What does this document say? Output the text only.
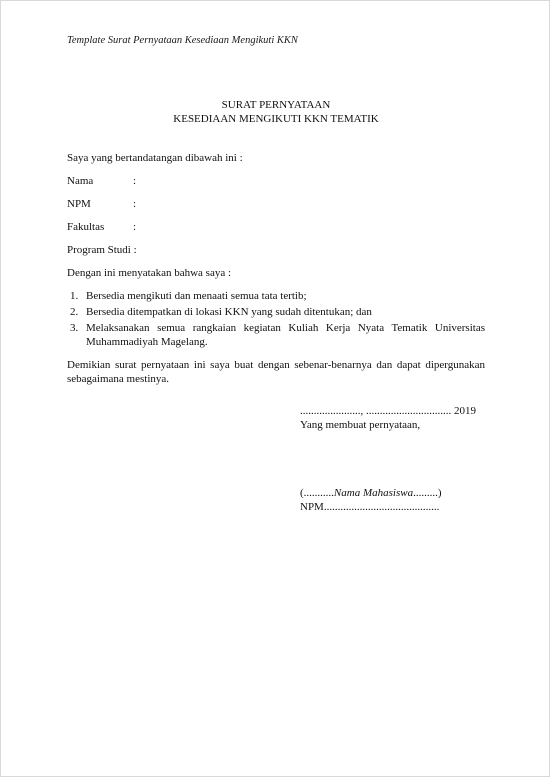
Template Surat Pernyataan Kesediaan Mengikuti KKN
SURAT PERNYATAAN
KESEDIAAN MENGIKUTI KKN TEMATIK

Saya yang bertandatangan dibawah ini :

Nama	:
NPM	:
Fakultas	:
Program Studi :

Dengan ini menyatakan bahwa saya :

1. Bersedia mengikuti dan menaati semua tata tertib;
2. Bersedia ditempatkan di lokasi KKN yang sudah ditentukan; dan
3. Melaksanakan semua rangkaian kegiatan Kuliah Kerja Nyata Tematik Universitas Muhammadiyah Magelang.

Demikian surat pernyataan ini saya buat dengan sebenar-benarnya dan dapat dipergunakan sebagaimana mestinya.

......................, ............................... 2019
Yang membuat pernyataan,
(...........Nama Mahasiswa.........)
NPM..........................................
